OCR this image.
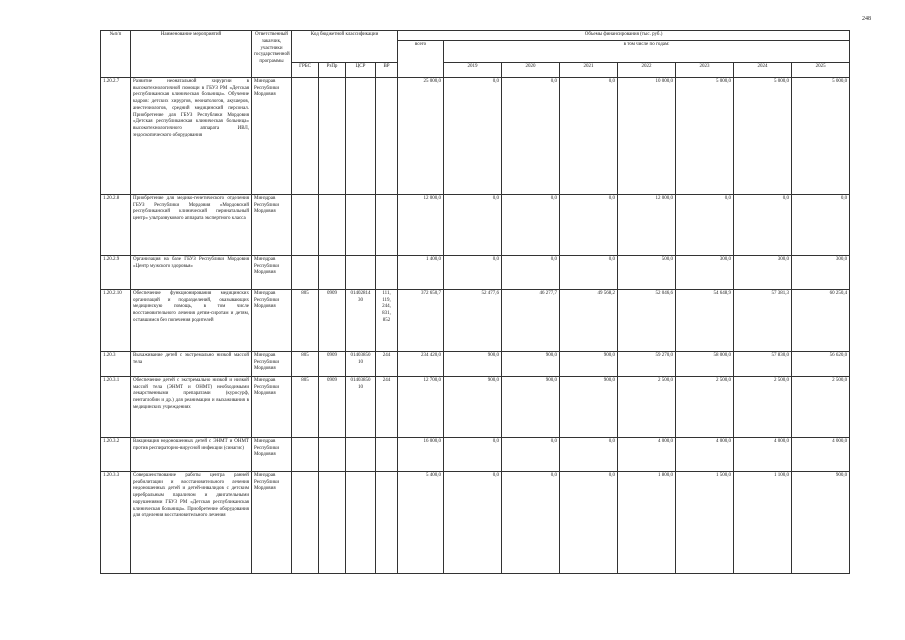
248
№п/п	Наименование мероприятий	Ответственный заказчик, участники государственной программы	Код бюджетной классификации				Объемы финансирования (тыс. руб.)							
							всего	в том числе по годам:						
			ГРБС	РзПр	ЦСР	ВР		2019	2020	2021	2022	2023	2024	2025
1.20.2.7	Развитие неонатальной хирургии в высокотехнологичной помощи в ГБУЗ РМ «Детская республиканская клиническая больница». Обучение кадров: детских хирургов, неонатологов, акушеров, анестезиологов, средний медицинский персонал. Приобретение для ГБУЗ Республики Мордовия «Детская республиканская клиническая больница» высокотехнологичного аппарата ИВЛ, эндоскопического оборудования	Минздрав Республики Мордовия					25 000,0	0,0	0,0	0,0	10 000,0	5 000,0	5 000,0	5 000,0
1.20.2.8	Приобретение для медико-генетического отделения ГБУЗ Республики Мордовия «Мордовский республиканский клинический перинатальный центр» ультразвукового аппарата экспертного класса	Минздрав Республики Мордовия					12 000,0	0,0	0,0	0,0	12 000,0	0,0	0,0	0,0
1.20.2.9	Организация на базе ГБУЗ Республики Мордовия «Центр мужского здоровья»	Минздрав Республики Мордовия					1 400,0	0,0	0,0	0,0	500,0	300,0	300,0	300,0
1.20.2.10	Обеспечение функционирования медицинских организаций и подразделений, оказывающих медицинскую помощь, в том числе восстановительного лечения детям-сиротам и детям, оставшимся без попечения родителей	Минздрав Республики Мордовия	805	0909	01402814 30	111, 119, 244, 831, 852	372 650,7	52 477,6	46 277,7	49 568,2	52 046,6	54 648,9	57 381,3	60 250,4
1.20.3	Выхаживание детей с экстремально низкой массой тела	Минздрав Республики Мордовия	805	0909	01403850 10	244	234 420,0	900,0	900,0	900,0	59 270,0	58 000,0	57 830,0	56 620,0
1.20.3.1	Обеспечение детей с экстремально низкой и низкой массой тела (ЭНМТ и ОНМТ) необходимыми лекарственными препаратами (куросурф, пентаглобин и др.) для реанимации и выхаживания в медицинских учреждениях	Минздрав Республики Мордовия	805	0909	01403850 10	244	12 700,0	900,0	900,0	900,0	2 500,0	2 500,0	2 500,0	2 500,0
1.20.3.2	Вакцинация недоношенных детей с ЭНМТ и ОНМТ против респираторно-вирусной инфекции (синагис)	Минздрав Республики Мордовия					16 000,0	0,0	0,0	0,0	4 000,0	4 000,0	4 000,0	4 000,0
1.20.3.3	Совершенствование работы центра ранней реабилитации и восстановительного лечения недоношенных детей и детей-инвалидов с детским церебральным параличом и двигательными нарушениями ГБУЗ РМ «Детская республиканская клиническая больница». Приобретение оборудования для отделения восстановительного лечения	Минздрав Республики Мордовия					5 400,0	0,0	0,0	0,0	1 800,0	1 500,0	1 100,0	900,0
